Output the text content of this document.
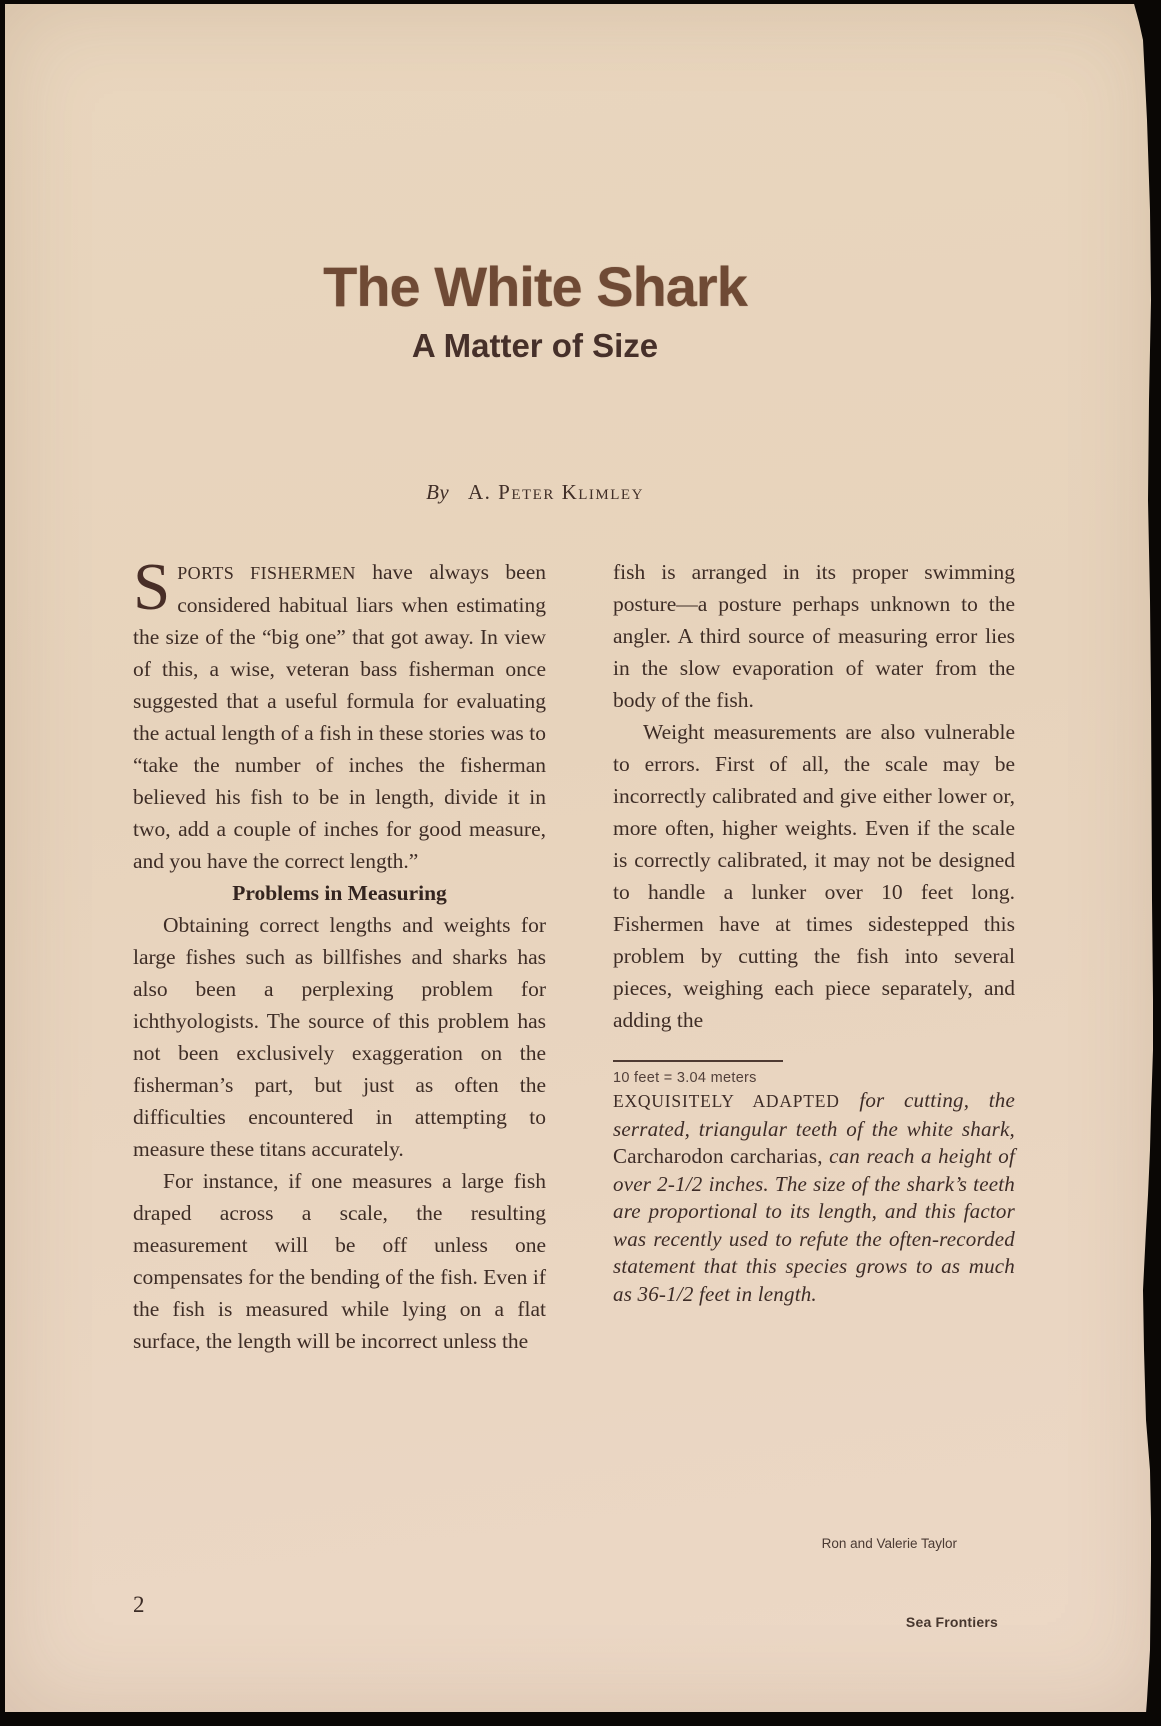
The White Shark
A Matter of Size
By A. Peter Klimley

S PORTS FISHERMEN have always been considered habitual liars when estimating the size of the “big one” that got away. In view of this, a wise, veteran bass fisherman once suggested that a useful formula for evaluating the actual length of a fish in these stories was to “take the number of inches the fisherman believed his fish to be in length, divide it in two, add a couple of inches for good measure, and you have the correct length.”

Problems in Measuring

Obtaining correct lengths and weights for large fishes such as billfishes and sharks has also been a perplexing problem for ichthyologists. The source of this problem has not been exclusively exaggeration on the fisherman’s part, but just as often the difficulties encountered in attempting to measure these titans accurately.

For instance, if one measures a large fish draped across a scale, the resulting measurement will be off unless one compensates for the bending of the fish. Even if the fish is measured while lying on a flat surface, the length will be incorrect unless the

fish is arranged in its proper swimming posture—a posture perhaps unknown to the angler. A third source of measuring error lies in the slow evaporation of water from the body of the fish.

Weight measurements are also vulnerable to errors. First of all, the scale may be incorrectly calibrated and give either lower or, more often, higher weights. Even if the scale is correctly calibrated, it may not be designed to handle a lunker over 10 feet long. Fishermen have at times sidestepped this problem by cutting the fish into several pieces, weighing each piece separately, and adding the

10 feet = 3.04 meters

EXQUISITELY ADAPTED for cutting, the serrated, triangular teeth of the white shark, Carcharodon carcharias, can reach a height of over 2-1/2 inches. The size of the shark’s teeth are proportional to its length, and this factor was recently used to refute the often-recorded statement that this species grows to as much as 36-1/2 feet in length.

Ron and Valerie Taylor
2
Sea Frontiers
